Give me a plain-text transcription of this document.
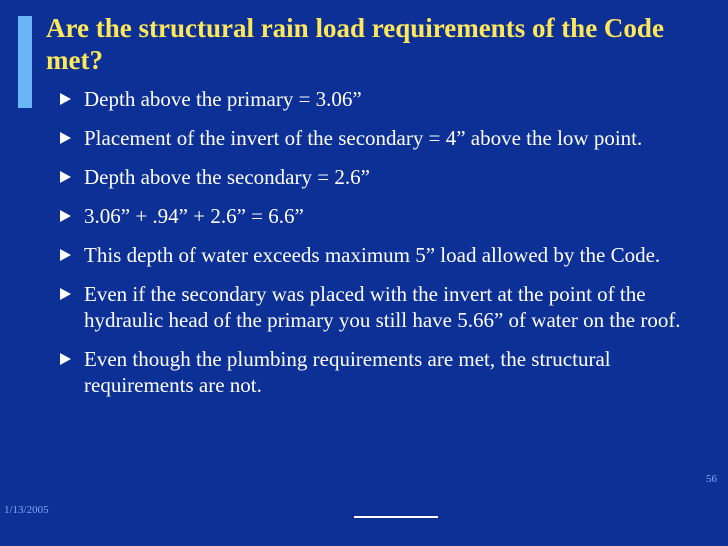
Are the structural rain load requirements of the Code met?
Depth above the primary = 3.06”
Placement of the invert of the secondary = 4” above the low point.
Depth above the secondary = 2.6”
3.06” + .94” + 2.6” = 6.6”
This depth of water exceeds maximum 5” load allowed by the Code.
Even if the secondary was placed with the invert at the point of the hydraulic head of the primary you still have 5.66” of water on the roof.
Even though the plumbing requirements are met, the structural requirements are not.
1/13/2005
56
